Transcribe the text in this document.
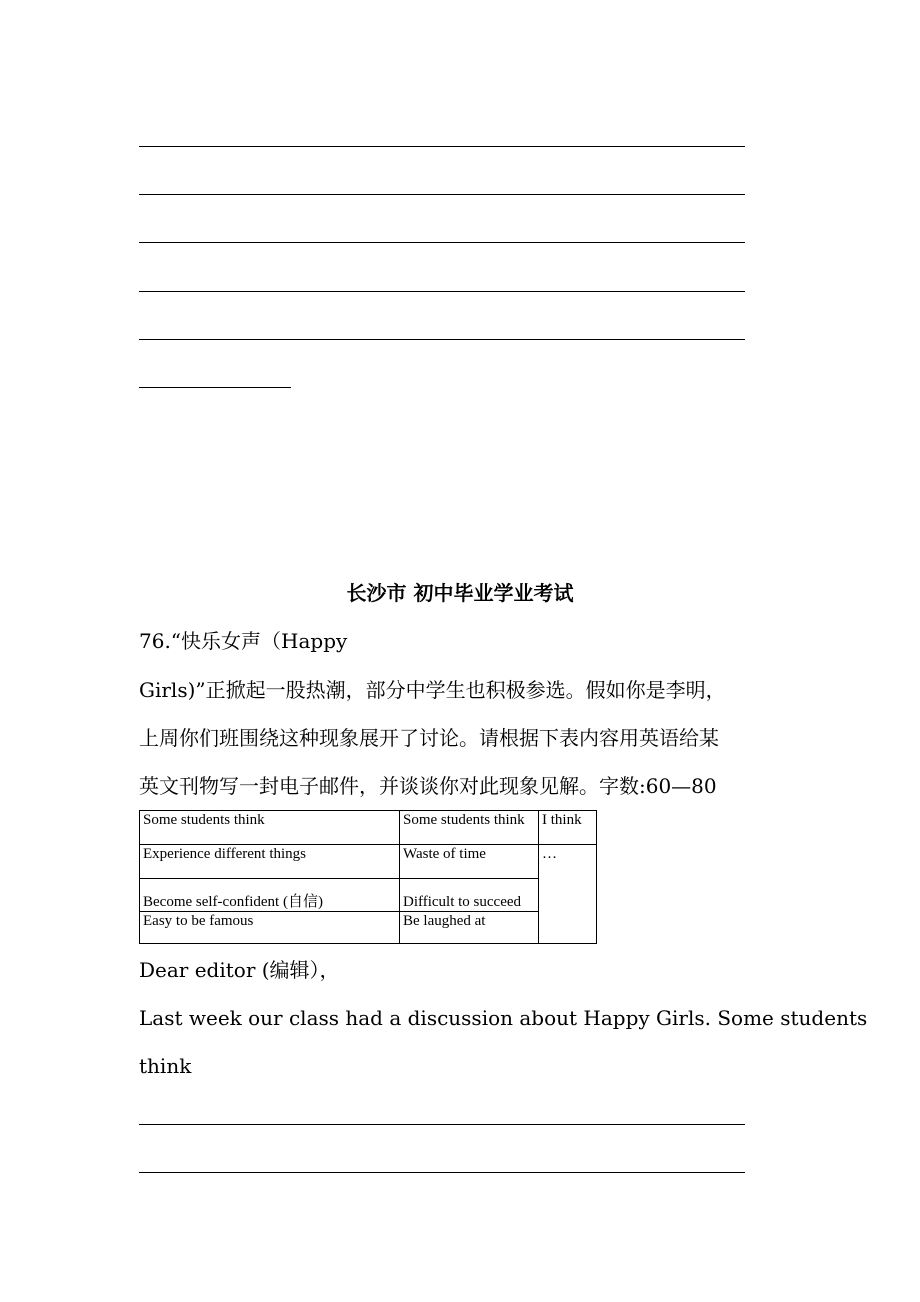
长沙市 初中毕业学业考试
76.“快乐女声（Happy
Girls)”正掀起一股热潮，部分中学生也积极参选。假如你是李明，
上周你们班围绕这种现象展开了讨论。请根据下表内容用英语给某
英文刊物写一封电子邮件，并谈谈你对此现象见解。字数:60—80
Some students think	Some students think	I think
Experience different things	Waste of time	…
Become self-confident (自信)	Difficult to succeed	
Easy to be famous	Be laughed at	
Dear editor (编辑），
Last week our class had a discussion about Happy Girls. Some students
think
